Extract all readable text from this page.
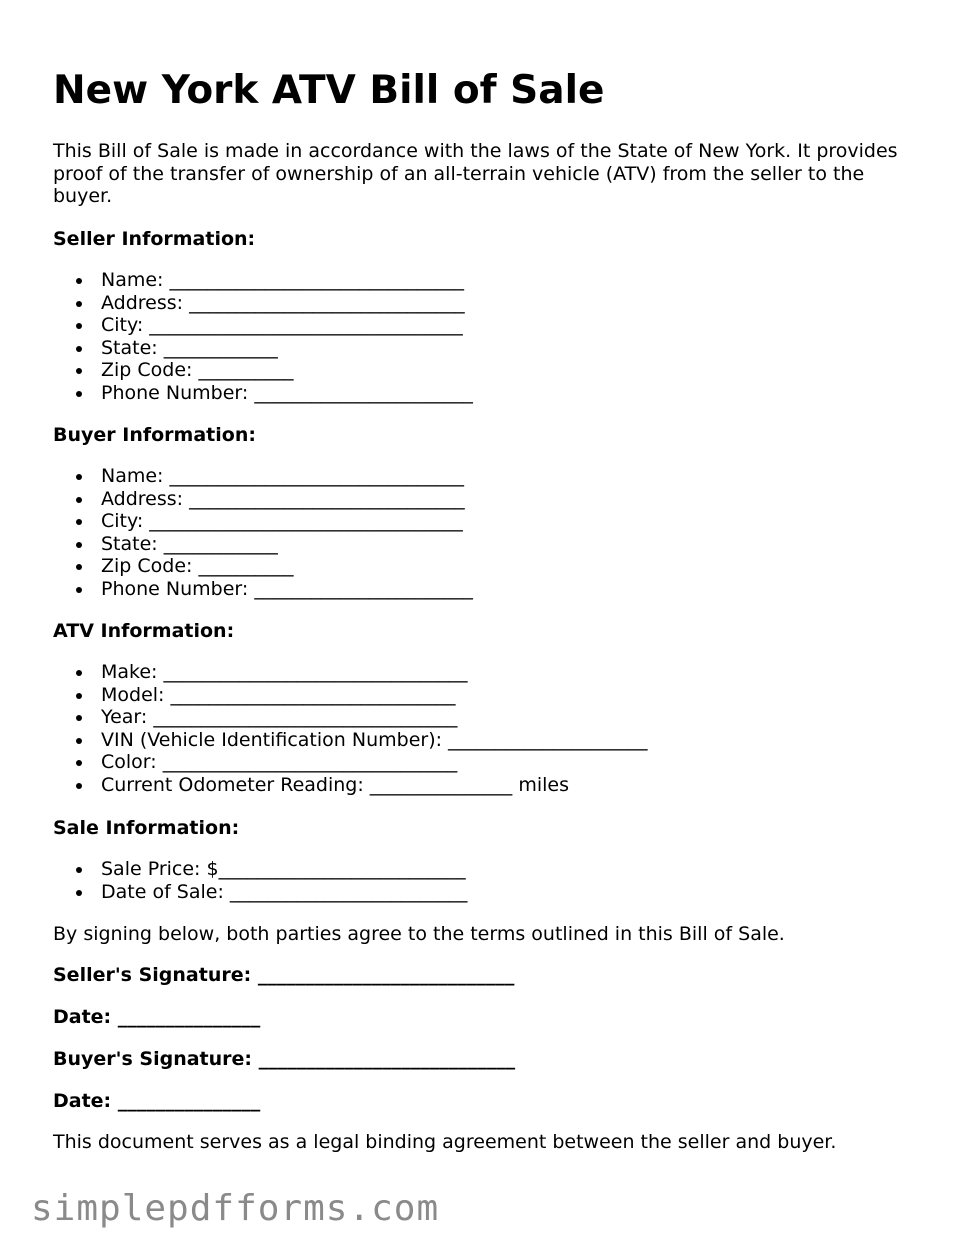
New York ATV Bill of Sale

This Bill of Sale is made in accordance with the laws of the State of New York. It provides proof of the transfer of ownership of an all-terrain vehicle (ATV) from the seller to the buyer.

Seller Information:

Name: _______________________________
Address: _____________________________
City: _________________________________
State: ____________
Zip Code: __________
Phone Number: _______________________

Buyer Information:

Name: _______________________________
Address: _____________________________
City: _________________________________
State: ____________
Zip Code: __________
Phone Number: _______________________

ATV Information:

Make: ________________________________
Model: ______________________________
Year: ________________________________
VIN (Vehicle Identification Number): _____________________
Color: _______________________________
Current Odometer Reading: _______________ miles

Sale Information:

Sale Price: $__________________________
Date of Sale: _________________________

By signing below, both parties agree to the terms outlined in this Bill of Sale.

Seller's Signature: ___________________________

Date: _______________

Buyer's Signature: ___________________________

Date: _______________

This document serves as a legal binding agreement between the seller and buyer.

simplepdfforms.com
